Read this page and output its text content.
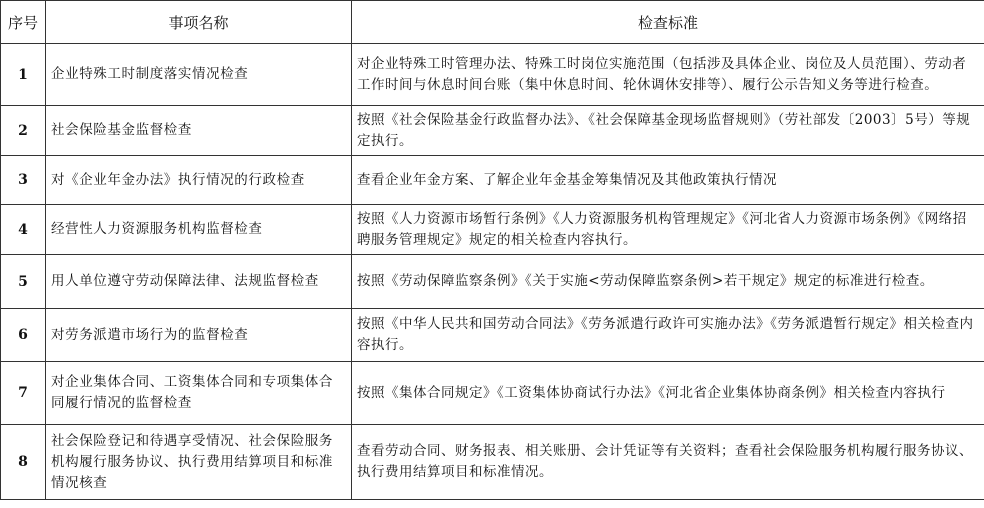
序号	事项名称	检查标准
1	企业特殊工时制度落实情况检查	对企业特殊工时管理办法、特殊工时岗位实施范围（包括涉及具体企业、岗位及人员范围）、劳动者工作时间与休息时间台账（集中休息时间、轮休调休安排等）、履行公示告知义务等进行检查。

2	社会保险基金监督检查	按照《社会保险基金行政监督办法》、《社会保障基金现场监督规则》（劳社部发〔2003〕5号）等规定执行。

3	对《企业年金办法》执行情况的行政检查	查看企业年金方案、了解企业年金基金筹集情况及其他政策执行情况

4	经营性人力资源服务机构监督检查	按照《人力资源市场暂行条例》《人力资源服务机构管理规定》《河北省人力资源市场条例》《网络招聘服务管理规定》规定的相关检查内容执行。

5	用人单位遵守劳动保障法律、法规监督检查	按照《劳动保障监察条例》《关于实施<劳动保障监察条例>若干规定》规定的标准进行检查。

6	对劳务派遣市场行为的监督检查	按照《中华人民共和国劳动合同法》《劳务派遣行政许可实施办法》《劳务派遣暂行规定》相关检查内容执行。

7	对企业集体合同、工资集体合同和专项集体合同履行情况的监督检查	按照《集体合同规定》《工资集体协商试行办法》《河北省企业集体协商条例》相关检查内容执行

8	社会保险登记和待遇享受情况、社会保险服务机构履行服务协议、执行费用结算项目和标准情况核查	查看劳动合同、财务报表、相关账册、会计凭证等有关资料；查看社会保险服务机构履行服务协议、执行费用结算项目和标准情况。
